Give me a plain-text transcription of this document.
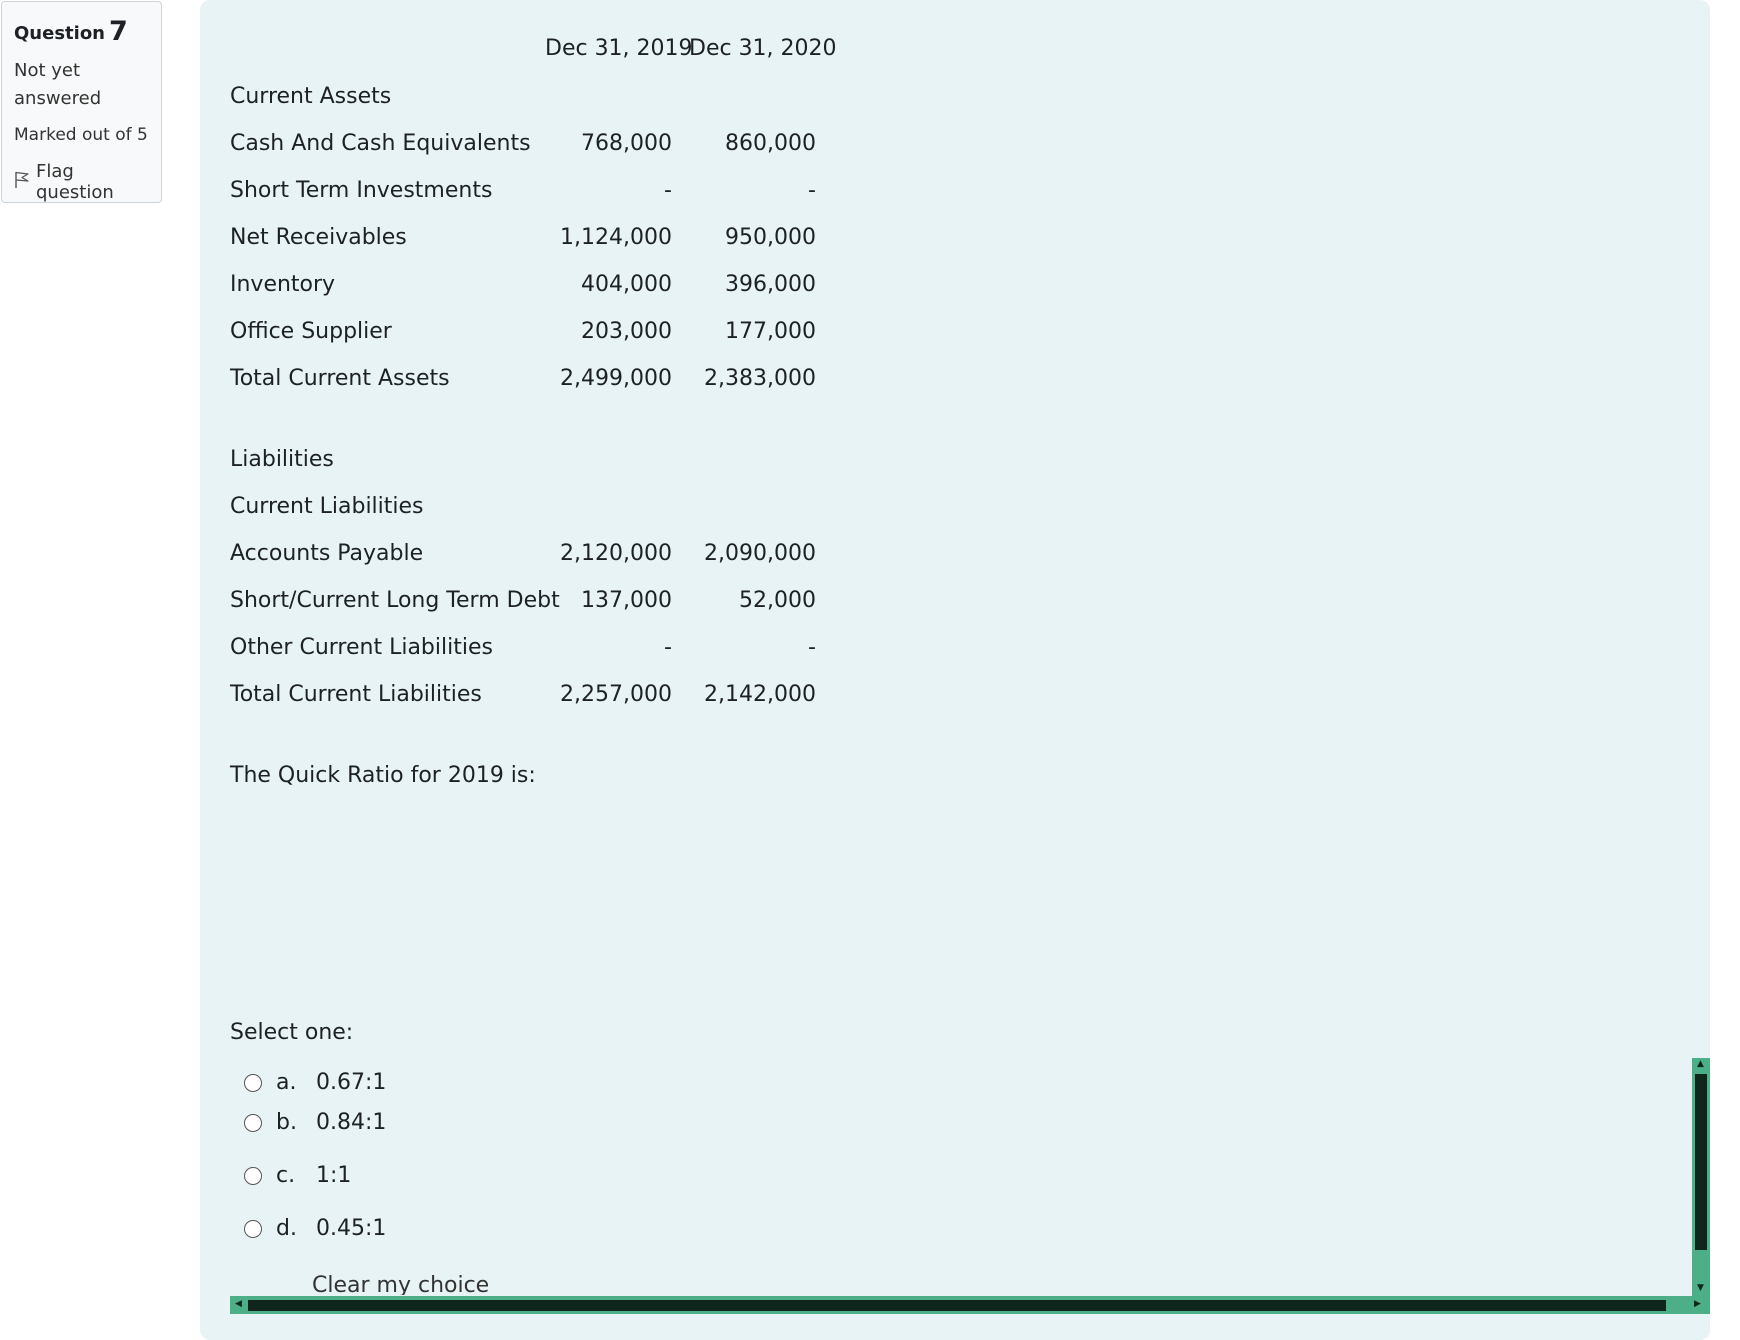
Question 7
Not yet answered
Marked out of 5
Flag question
Dec 31, 2019
Dec 31, 2020
Current Assets
Cash And Cash Equivalents	768,000	860,000
Short Term Investments	-	-
Net Receivables	1,124,000	950,000
Inventory	404,000	396,000
Office Supplier	203,000	177,000
Total Current Assets	2,499,000	2,383,000
Liabilities
Current Liabilities
Accounts Payable	2,120,000	2,090,000
Short/Current Long Term Debt 137,000	52,000
Other Current Liabilities	-	-
Total Current Liabilities	2,257,000	2,142,000
The Quick Ratio for 2019 is:
Select one:
a. 0.67:1
b. 0.84:1
c. 1:1
d. 0.45:1
Clear my choice
▲
▼
◀	▶
